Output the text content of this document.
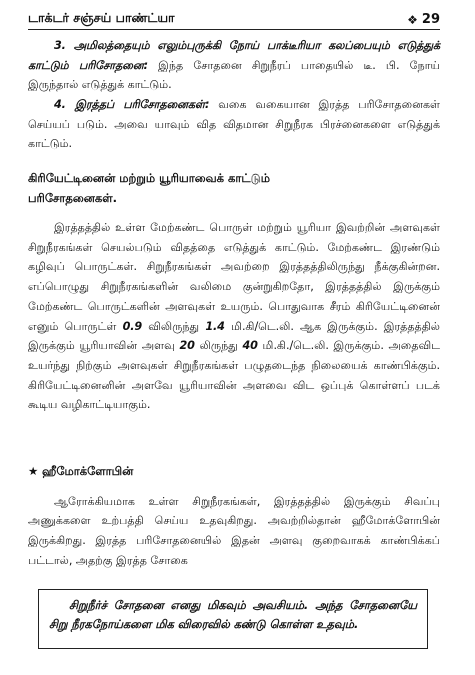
டாக்டர் சஞ்சய் பாண்ட்யா	❖ 29

3. அமிலத்தையும் எலும்புருக்கி நோய் பாக்டீரியா கலப்பையும் எடுத்துக் காட்டும் பரிசோதனை: இந்த சோதனை சிறுநீரப் பாதையில் டீ. பி. நோய் இருந்தால் எடுத்துக் காட்டும்.

4. இரத்தப் பரிசோதனைகள்: வகை வகையான இரத்த பரிசோதனைகள் செய்யப் படும். அவை யாவும் வித விதமான சிறுநீரக பிரச்னைகளை எடுத்துக் காட்டும்.

கிரியேட்டினைன் மற்றும் யூரியாவைக் காட்டும் பரிசோதனைகள்.

இரத்தத்தில் உள்ள மேற்கண்ட பொருள் மற்றும் யூரியா இவற்றின் அளவுகள் சிறுநீரகங்கள் செயல்படும் விதத்தை எடுத்துக் காட்டும். மேற்கண்ட இரண்டும் கழிவுப் பொருட்கள். சிறுநீரகங்கள் அவற்றை இரத்தத்திலிருந்து நீக்குகின்றன. எப்பொழுது சிறுநீரகங்களின் வலிமை குன்றுகிறதோ, இரத்தத்தில் இருக்கும் மேற்கண்ட பொருட்களின் அளவுகள் உயரும். பொதுவாக சீரம் கிரியேட்டினைன் எனும் பொருட்ள் 0.9 விலிருந்து 1.4 மி.கி/டெ.லி. ஆக இருக்கும். இரத்தத்தில் இருக்கும் யூரியாவின் அளவு 20 லிருந்து 40 மி.கி./டெ.லி. இருக்கும். அதைவிட உயர்ந்து நிற்கும் அளவுகள் சிறுநீரகங்கள் பழுதடைந்த நிலையைக் காண்பிக்கும். கிரியேட்டினைனின் அளவே யூரியாவின் அளவை விட ஒப்புக் கொள்ளப் படக் கூடிய வழிகாட்டியாகும்.

★ ஹீமோக்ளோபின்

ஆரோக்கியமாக உள்ள சிறுநீரகங்கள், இரத்தத்தில் இருக்கும் சிவப்பு அணுக்களை உற்பத்தி செய்ய உதவுகிறது. அவற்றில்தான் ஹீமோக்ளோபின் இருக்கிறது. இரத்த பரிசோதனையில் இதன் அளவு குறைவாகக் காண்பிக்கப் பட்டால், அதற்கு இரத்த சோகை

சிறுநீர்ச் சோதனை எனது மிகவும் அவசியம். அந்த சோதனையே சிறு நீரகநோய்களை மிக விரைவில் கண்டு கொள்ள உதவும்.
